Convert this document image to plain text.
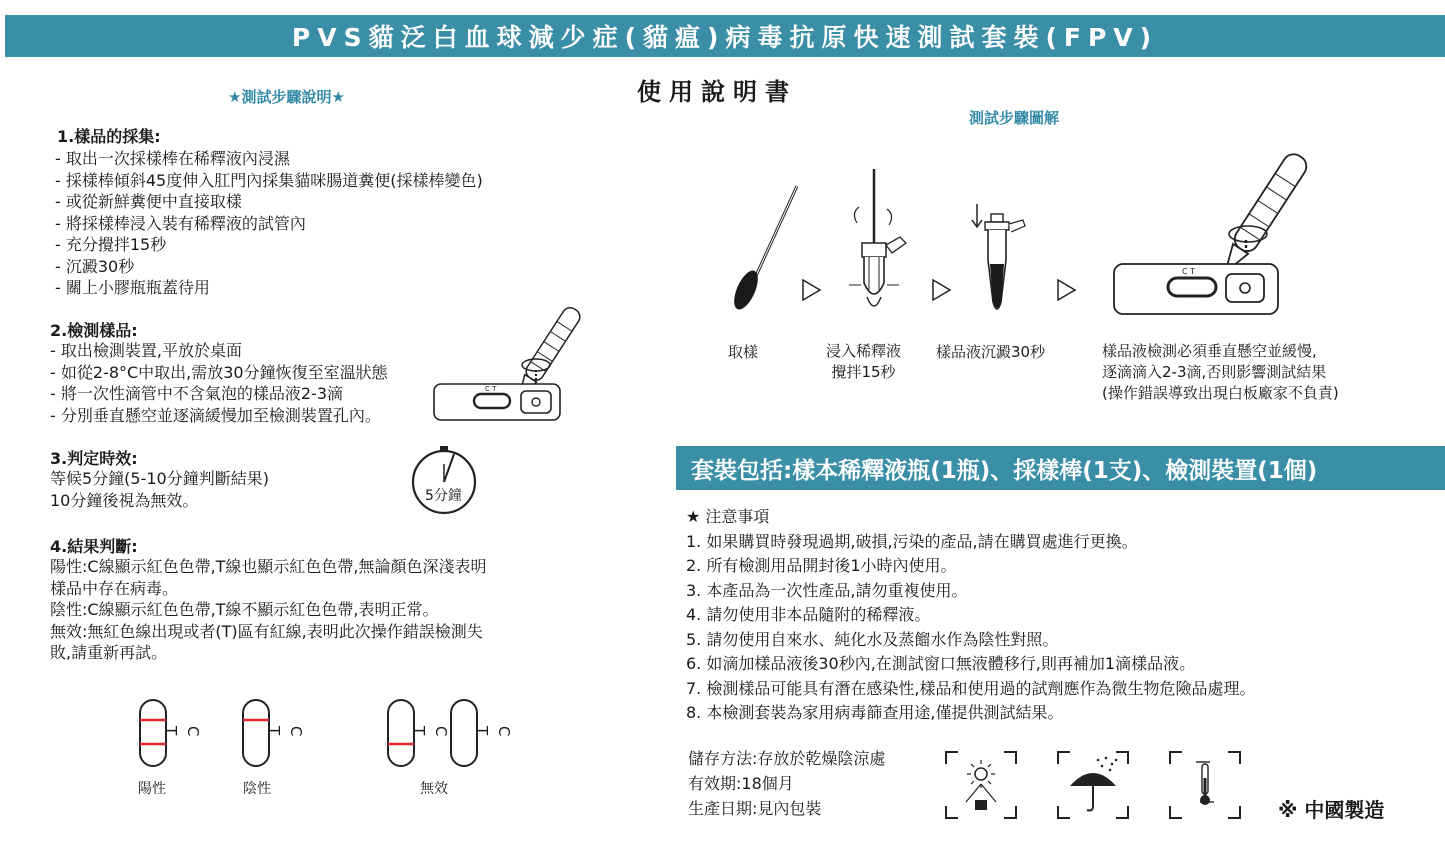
PVS貓泛白血球減少症(貓瘟)病毒抗原快速測試套裝(FPV)
★測試步驟說明★
1.樣品的採集:
- 取出一次採樣棒在稀釋液內浸濕
- 採樣棒傾斜45度伸入肛門內採集貓咪腸道糞便(採樣棒變色)
- 或從新鮮糞便中直接取樣
- 將採樣棒浸入裝有稀釋液的試管內
- 充分攪拌15秒
- 沉澱30秒
- 關上小膠瓶瓶蓋待用
2.檢測樣品:
- 取出檢測裝置,平放於桌面
- 如從2-8°C中取出,需放30分鐘恢復至室溫狀態
- 將一次性滴管中不含氣泡的樣品液2-3滴
- 分別垂直懸空並逐滴緩慢加至檢測裝置孔內。
C T
3.判定時效:
等候5分鐘(5-10分鐘判斷結果)
10分鐘後視為無效。	5分鐘
4.結果判斷:
陽性:C線顯示紅色色帶,T線也顯示紅色色帶,無論顏色深淺表明
樣品中存在病毒。
陰性:C線顯示紅色色帶,T線不顯示紅色色帶,表明正常。
無效:無紅色線出現或者(T)區有紅線,表明此次操作錯誤檢測失
敗,請重新再試。
C T	C T	C T	C T
陽性	陰性	無效
使用說明書
測試步驟圖解
C T
取樣	浸入稀釋液
攪拌15秒
樣品液沉澱30秒	樣品液檢測必須垂直懸空並緩慢,
逐滴滴入2-3滴,否則影響測試結果
(操作錯誤導致出現白板廠家不負責)
套裝包括:樣本稀釋液瓶(1瓶)、採樣棒(1支)、檢測裝置(1個)
★ 注意事項
1. 如果購買時發現過期,破損,污染的產品,請在購買處進行更換。
2. 所有檢測用品開封後1小時內使用。
3. 本產品為一次性產品,請勿重複使用。
4. 請勿使用非本品隨附的稀釋液。
5. 請勿使用自來水、純化水及蒸餾水作為陰性對照。
6. 如滴加樣品液後30秒內,在測試窗口無液體移行,則再補加1滴樣品液。
7. 檢測樣品可能具有潛在感染性,樣品和使用過的試劑應作為微生物危險品處理。
8. 本檢測套裝為家用病毒篩查用途,僅提供測試結果。
儲存方法:存放於乾燥陰涼處
有效期:18個月
生產日期:見內包裝	※ 中國製造
